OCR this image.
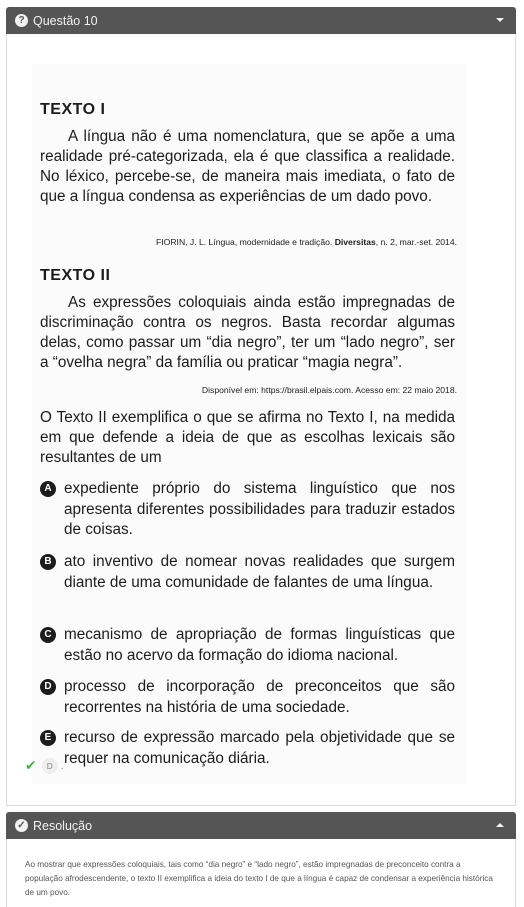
? Questão 10
TEXTO I
A língua não é uma nomenclatura, que se apõe a uma realidade pré-categorizada, ela é que classifica a realidade. No léxico, percebe-se, de maneira mais imediata, o fato de que a língua condensa as experiências de um dado povo.
FIORIN, J. L. Língua, modernidade e tradição. Diversitas, n. 2, mar.-set. 2014.
TEXTO II
As expressões coloquiais ainda estão impregnadas de discriminação contra os negros. Basta recordar algumas delas, como passar um “dia negro”, ter um “lado negro”, ser a “ovelha negra” da família ou praticar “magia negra”.
Disponível em: https://brasil.elpais.com. Acesso em: 22 maio 2018.
O Texto II exemplifica o que se afirma no Texto I, na medida em que defende a ideia de que as escolhas lexicais são resultantes de um
A expediente próprio do sistema linguístico que nos apresenta diferentes possibilidades para traduzir estados de coisas.
B ato inventivo de nomear novas realidades que surgem diante de uma comunidade de falantes de uma língua.
C mecanismo de apropriação de formas linguísticas que estão no acervo da formação do idioma nacional.
D processo de incorporação de preconceitos que são recorrentes na história de uma sociedade.
E recurso de expressão marcado pela objetividade que se requer na comunicação diária.
✔	D .
✓ Resolução
Ao mostrar que expressões coloquiais, tais como “dia negro” e “lado negro”, estão impregnadas de preconceito contra a população afrodescendente, o texto II exemplifica a ideia do texto I de que a língua é capaz de condensar a experiência histórica de um povo.
